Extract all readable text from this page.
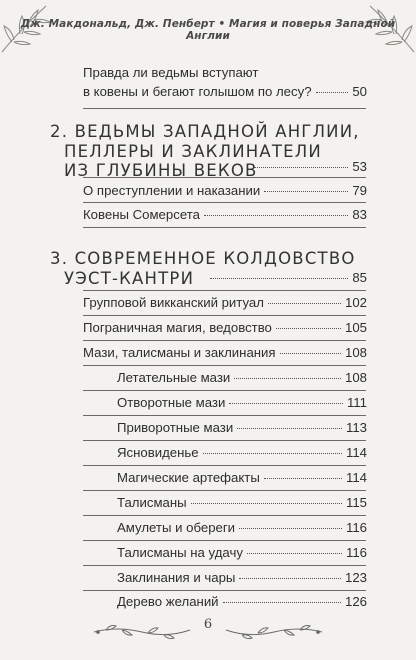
Дж. Макдональд, Дж. Пенберт • Магия и поверья Западной Англии
Правда ли ведьмы вступают
в ковены и бегают голышом по лесу?	50
2. ВЕДЬМЫ ЗАПАДНОЙ АНГЛИИ,
ПЕЛЛЕРЫ И ЗАКЛИНАТЕЛИ
ИЗ ГЛУБИНЫ ВЕКОВ	53
О преступлении и наказании	79
Ковены Сомерсета	83
3. СОВРЕМЕННОЕ КОЛДОВСТВО
УЭСТ-КАНТРИ	85
Групповой викканский ритуал	102
Пограничная магия, ведовство	105
Мази, талисманы и заклинания	108
Летательные мази	108
Отворотные мази	111
Приворотные мази	113
Ясновиденье	114
Магические артефакты	114
Талисманы	115
Амулеты и обереги	116
Талисманы на удачу	116
Заклинания и чары	123
Дерево желаний	126
6
